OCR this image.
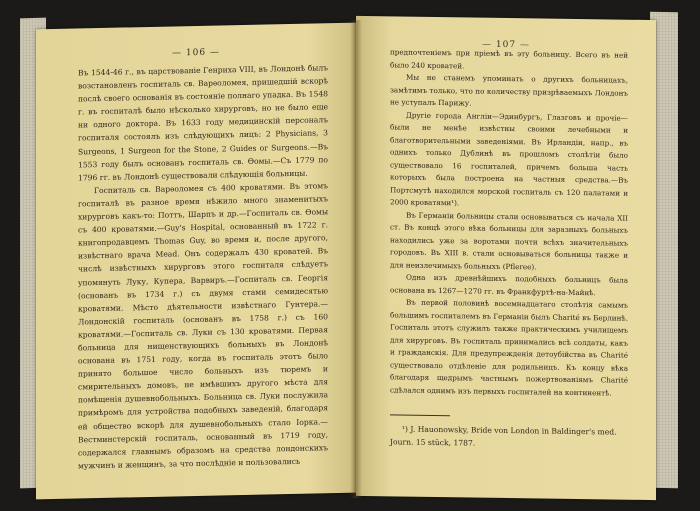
— 106 —

Въ 1544-46 г., въ царствованіе Генриха VIII, въ Лондонѣ былъ возстановленъ госпиталь св. Варѳоломея, пришедшій вскорѣ послѣ своего основанія въ состояніе полнаго упадка. Въ 1548 г. въ госпиталѣ было нѣсколько хирурговъ, но не было еще ни одного доктора. Въ 1633 году медицинскій персоналъ госпиталя состоялъ изъ слѣдующихъ лицъ: 2 Physicians, 3 Surgeons, 1 Surgeon for the Stone, 2 Guides or Surgeons.—Въ 1553 году былъ основанъ госпиталь св. Ѳомы.—Съ 1779 по 1796 гг. въ Лондонѣ существовали слѣдующія больницы.

Госпиталь св. Варѳоломея съ 400 кроватями. Въ этомъ госпиталѣ въ разное время нѣжило много знаменитыхъ хирурговъ какъ-то: Поттъ, Шарпъ и др.—Госпиталь св. Ѳомы съ 400 кроватями.—Guy's Hospital, основанный въ 1722 г. книгопродавцемъ Thomas Guy, во время и, после другого, извѣстнаго врача Mead. Онъ содержалъ 430 кроватей. Въ числѣ извѣстныхъ хирурговъ этого госпиталя слѣдуетъ упомянуть Луку, Купера, Варвиръ.—Госпиталь св. Георгія (основанъ въ 1734 г.) съ двумя стами семидесятью кроватями. Мѣсто дѣятельности извѣстнаго Гунтера.—Лондонскій госпиталь (основанъ въ 1758 г.) съ 160 кроватями.—Госпиталь св. Луки съ 130 кроватями. Первая больница для нищенствующихъ больныхъ въ Лондонѣ основана въ 1751 году, когда въ госпиталь этотъ было принято большое число больныхъ изъ тюремъ и смирительныхъ домовъ, не имѣвшихъ другого мѣста для помѣщенія душевнобольныхъ. Больница св. Луки послужила примѣромъ для устройства подобныхъ заведеній, благодаря ей общество вскорѣ для душевнобольныхъ стало Іорка.—Вестминстерскій госпиталь, основанный въ 1719 году, содержался главнымъ образомъ на средства лондонскихъ мужчинъ и женщинъ, за что послѣдніе и пользовались

— 107 —

предпочтеніемъ при пріемѣ въ эту больницу. Всего въ ней было 240 кроватей.

Мы не станемъ упоминать о другихъ больницахъ, замѣтимъ только, что по количеству призрѣваемыхъ Лондонъ не уступалъ Парижу.

Другіе города Англіи—Эдинбургъ, Глазговъ и прочіе—были не менѣе извѣстны своими лечебными и благотворительными заведеніями. Въ Ирландіи, напр., въ однихъ только Дублинѣ въ прошломъ столѣтіи было существовало 16 госпиталей, причемъ больша часть которыхъ была построена на частныя средства.—Въ Портсмутѣ находился морской госпиталь съ 120 палатами и 2000 кроватями¹).

Въ Германіи больницы стали основываться съ начала XII ст. Въ концѣ этого вѣка больницы для заразныхъ больныхъ находились уже за воротами почти всѣхъ значительныхъ городовъ. Въ XIII в. стали основываться больницы также и для неизлечимыхъ больныхъ (Pfleree).

Одна изъ древнѣйшихъ подобныхъ больницъ была основана въ 1267—1270 гг. въ Франкфуртѣ-на-Майнѣ.

Въ первой половинѣ восемнадцатаго столѣтія самымъ большимъ госпиталемъ въ Германіи былъ Charité въ Берлинѣ. Госпиталь этотъ служилъ также практическимъ училищемъ для хирурговъ. Въ госпиталь принимались всѣ солдаты, какъ и гражданскія. Для предупрежденія детоубійства въ Charité существовало отдѣленіе для родильницъ. Къ концу вѣка благодаря щедрымъ частнымъ пожертвованіямъ Charité сдѣлался однимъ изъ первыхъ госпиталей на континентѣ.

¹) J. Hauonowsky, Bride von London in Baldinger's med. Journ. 15 stück, 1787.
